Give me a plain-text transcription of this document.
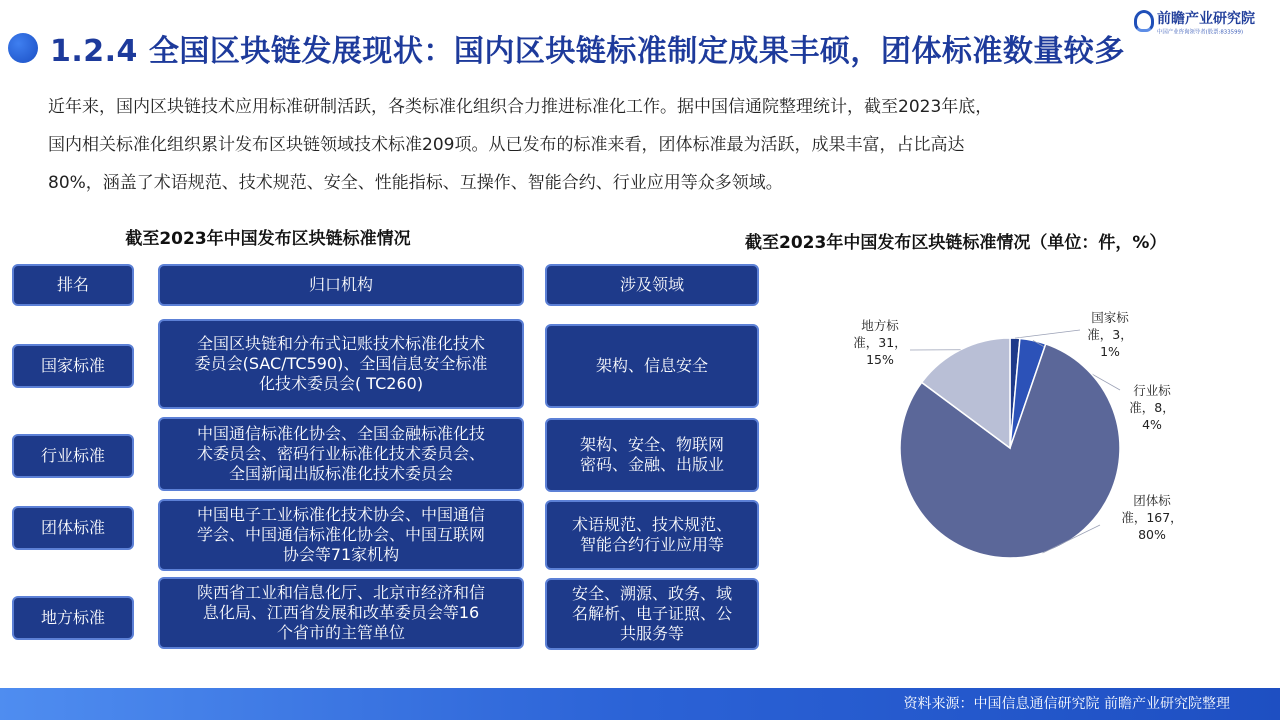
1.2.4 全国区块链发展现状：国内区块链标准制定成果丰硕，团体标准数量较多
前瞻产业研究院
中国产业咨询领导者(股票:833599)

近年来，国内区块链技术应用标准研制活跃，各类标准化组织合力推进标准化工作。据中国信通院整理统计，截至2023年底，

国内相关标准化组织累计发布区块链领域技术标准209项。从已发布的标准来看，团体标准最为活跃，成果丰富，占比高达

80%，涵盖了术语规范、技术规范、安全、性能指标、互操作、智能合约、行业应用等众多领域。

截至2023年中国发布区块链标准情况
排名	归口机构	涉及领域
国家标准
全国区块链和分布式记账技术标准化技术
委员会(SAC/TC590)、全国信息安全标准
化技术委员会( TC260)
架构、信息安全
行业标准
中国通信标准化协会、全国金融标准化技
术委员会、密码行业标准化技术委员会、
全国新闻出版标准化技术委员会
架构、安全、物联网
密码、金融、出版业
团体标准
中国电子工业标准化技术协会、中国通信
学会、中国通信标准化协会、中国互联网
协会等71家机构
术语规范、技术规范、
智能合约行业应用等
地方标准
陕西省工业和信息化厅、北京市经济和信
息化局、江西省发展和改革委员会等16
个省市的主管单位
安全、溯源、政务、域
名解析、电子证照、公
共服务等
截至2023年中国发布区块链标准情况（单位：件，%）
国家标准，3， 1%
行业标准，8， 4%
团体标准，167， 80%
地方标准，31， 15%
资料来源：中国信息通信研究院 前瞻产业研究院整理
